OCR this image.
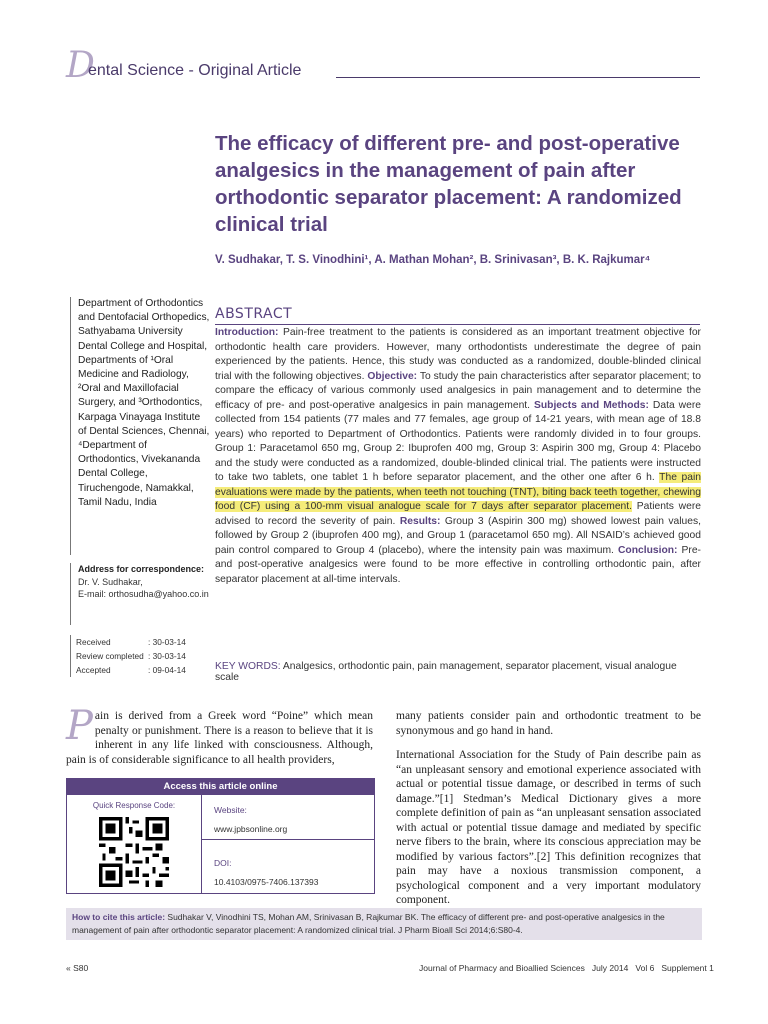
D
ental Science - Original Article
The efficacy of different pre- and post-operative analgesics in the management of pain after orthodontic separator placement: A randomized clinical trial
V. Sudhakar, T. S. Vinodhini¹, A. Mathan Mohan², B. Srinivasan³, B. K. Rajkumar⁴
Department of Orthodontics and Dentofacial Orthopedics, Sathyabama University Dental College and Hospital, Departments of ¹Oral Medicine and Radiology, ²Oral and Maxillofacial Surgery, and ³Orthodontics, Karpaga Vinayaga Institute of Dental Sciences, Chennai, ⁴Department of Orthodontics, Vivekananda Dental College, Tiruchengode, Namakkal, Tamil Nadu, India
Address for correspondence:
Dr. V. Sudhakar,
E-mail: orthosudha@yahoo.co.in
Received	: 30-03-14
Review completed : 30-03-14
Accepted	: 09-04-14
ABSTRACT
Introduction: Pain-free treatment to the patients is considered as an important treatment objective for orthodontic health care providers. However, many orthodontists underestimate the degree of pain experienced by the patients. Hence, this study was conducted as a randomized, double-blinded clinical trial with the following objectives. Objective: To study the pain characteristics after separator placement; to compare the efficacy of various commonly used analgesics in pain management and to determine the efficacy of pre- and post-operative analgesics in pain management. Subjects and Methods: Data were collected from 154 patients (77 males and 77 females, age group of 14-21 years, with mean age of 18.8 years) who reported to Department of Orthodontics. Patients were randomly divided in to four groups. Group 1: Paracetamol 650 mg, Group 2: Ibuprofen 400 mg, Group 3: Aspirin 300 mg, Group 4: Placebo and the study were conducted as a randomized, double-blinded clinical trial. The patients were instructed to take two tablets, one tablet 1 h before separator placement, and the other one after 6 h. The pain evaluations were made by the patients, when teeth not touching (TNT), biting back teeth together, chewing food (CF) using a 100-mm visual analogue scale for 7 days after separator placement. Patients were advised to record the severity of pain. Results: Group 3 (Aspirin 300 mg) showed lowest pain values, followed by Group 2 (ibuprofen 400 mg), and Group 1 (paracetamol 650 mg). All NSAID’s achieved good pain control compared to Group 4 (placebo), where the intensity pain was maximum. Conclusion: Pre- and post-operative analgesics were found to be more effective in controlling orthodontic pain, after separator placement at all-time intervals.
KEY WORDS: Analgesics, orthodontic pain, pain management, separator placement, visual analogue scale
Pain is derived from a Greek word “Poine” which mean penalty or punishment. There is a reason to believe that it is inherent in any life linked with consciousness. Although, pain is of considerable significance to all health providers,

many patients consider pain and orthodontic treatment to be synonymous and go hand in hand.

International Association for the Study of Pain describe pain as “an unpleasant sensory and emotional experience associated with actual or potential tissue damage, or described in terms of such damage.”[1] Stedman’s Medical Dictionary gives a more complete definition of pain as “an unpleasant sensation associated with actual or potential tissue damage and mediated by specific nerve fibers to the brain, where its conscious appreciation may be modified by various factors”.[2] This definition recognizes that pain may have a noxious transmission component, a psychological component and a very important modulatory component.

Access this article online
Quick Response Code:	Website:
www.jpbsonline.org
DOI:
10.4103/0975-7406.137393
How to cite this article: Sudhakar V, Vinodhini TS, Mohan AM, Srinivasan B, Rajkumar BK. The efficacy of different pre- and post-operative analgesics in the management of pain after orthodontic separator placement: A randomized clinical trial. J Pharm Bioall Sci 2014;6:S80-4.
« S80	Journal of Pharmacy and Bioallied Sciences   July 2014   Vol 6   Supplement 1
